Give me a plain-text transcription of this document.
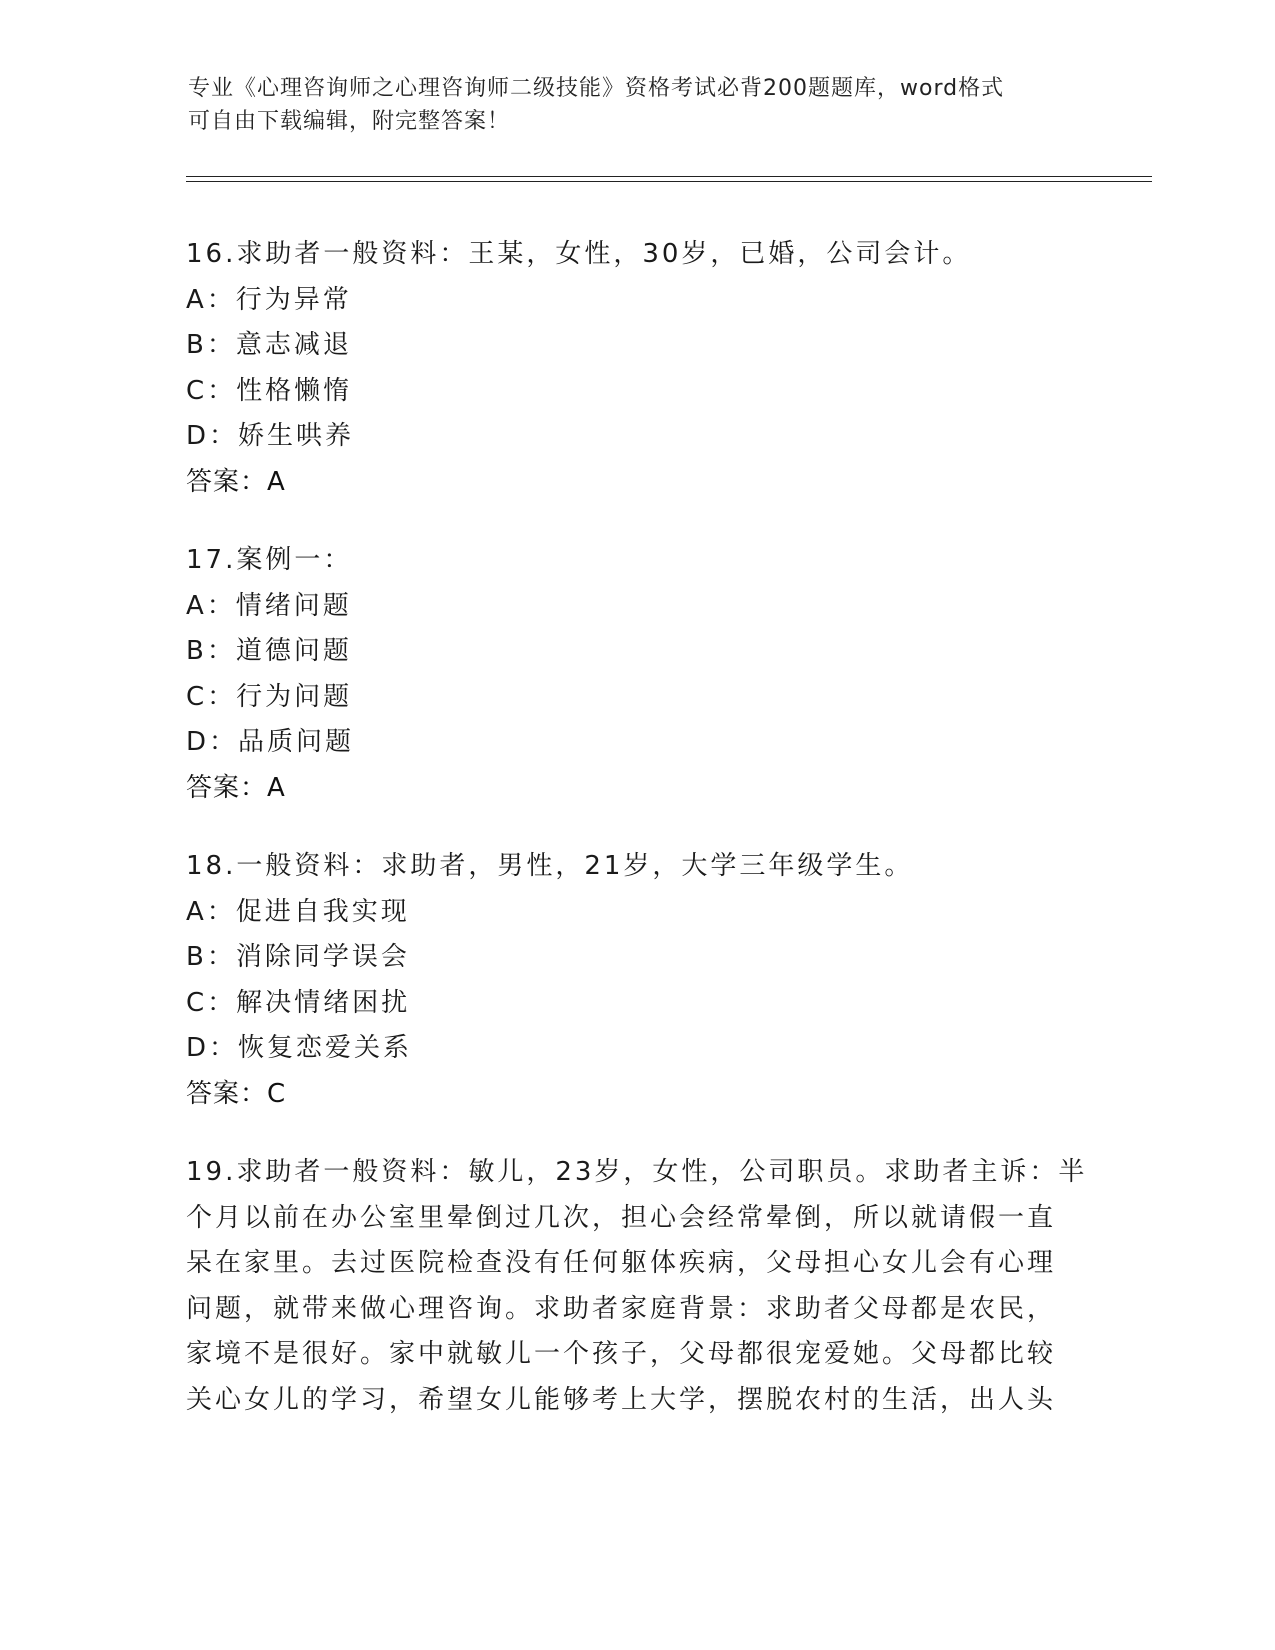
专业《心理咨询师之心理咨询师二级技能》资格考试必背200题题库，word格式
可自由下载编辑，附完整答案！
16.求助者一般资料：王某，女性，30岁，已婚，公司会计。
A：行为异常
B：意志减退
C：性格懒惰
D：娇生哄养
答案：A
17.案例一：
A：情绪问题
B：道德问题
C：行为问题
D：品质问题
答案：A
18.一般资料：求助者，男性，21岁，大学三年级学生。
A：促进自我实现
B：消除同学误会
C：解决情绪困扰
D：恢复恋爱关系
答案：C
19.求助者一般资料：敏儿，23岁，女性，公司职员。求助者主诉：半
个月以前在办公室里晕倒过几次，担心会经常晕倒，所以就请假一直
呆在家里。去过医院检查没有任何躯体疾病，父母担心女儿会有心理
问题，就带来做心理咨询。求助者家庭背景：求助者父母都是农民，
家境不是很好。家中就敏儿一个孩子，父母都很宠爱她。父母都比较
关心女儿的学习，希望女儿能够考上大学，摆脱农村的生活，出人头
